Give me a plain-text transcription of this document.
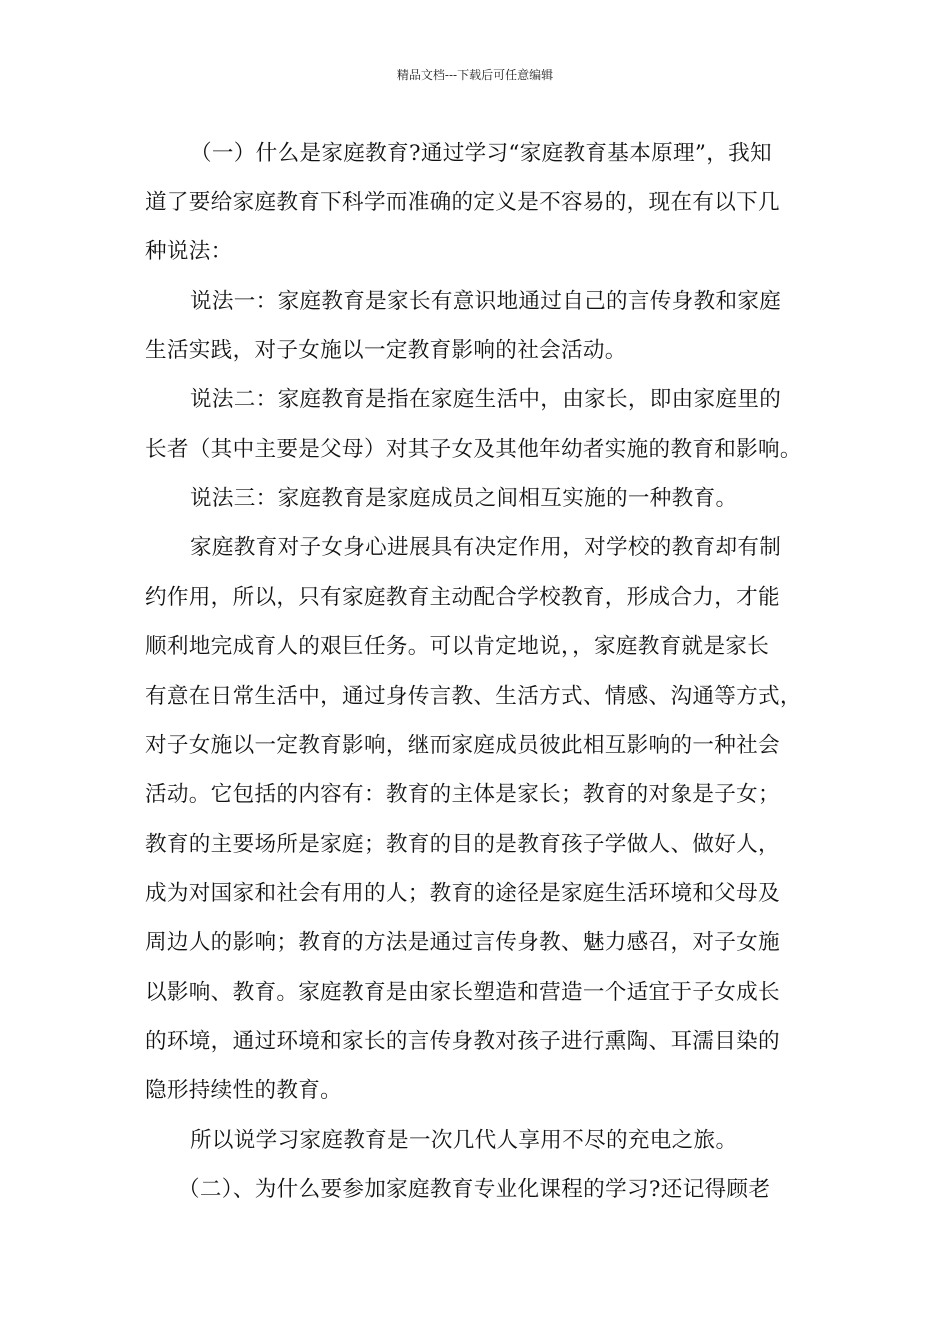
精品文档---下载后可任意编辑
（一）什么是家庭教育?通过学习“家庭教育基本原理”，我知
道了要给家庭教育下科学而准确的定义是不容易的，现在有以下几
种说法：
说法一：家庭教育是家长有意识地通过自己的言传身教和家庭
生活实践，对子女施以一定教育影响的社会活动。
说法二：家庭教育是指在家庭生活中，由家长，即由家庭里的
长者（其中主要是父母）对其子女及其他年幼者实施的教育和影响。
说法三：家庭教育是家庭成员之间相互实施的一种教育。
家庭教育对子女身心进展具有决定作用，对学校的教育却有制
约作用，所以，只有家庭教育主动配合学校教育，形成合力，才能
顺利地完成育人的艰巨任务。可以肯定地说，，家庭教育就是家长
有意在日常生活中，通过身传言教、生活方式、情感、沟通等方式，
对子女施以一定教育影响，继而家庭成员彼此相互影响的一种社会
活动。它包括的内容有：教育的主体是家长；教育的对象是子女；
教育的主要场所是家庭；教育的目的是教育孩子学做人、做好人，
成为对国家和社会有用的人；教育的途径是家庭生活环境和父母及
周边人的影响；教育的方法是通过言传身教、魅力感召，对子女施
以影响、教育。家庭教育是由家长塑造和营造一个适宜于子女成长
的环境，通过环境和家长的言传身教对孩子进行熏陶、耳濡目染的
隐形持续性的教育。
所以说学习家庭教育是一次几代人享用不尽的充电之旅。
（二）、为什么要参加家庭教育专业化课程的学习?还记得顾老
